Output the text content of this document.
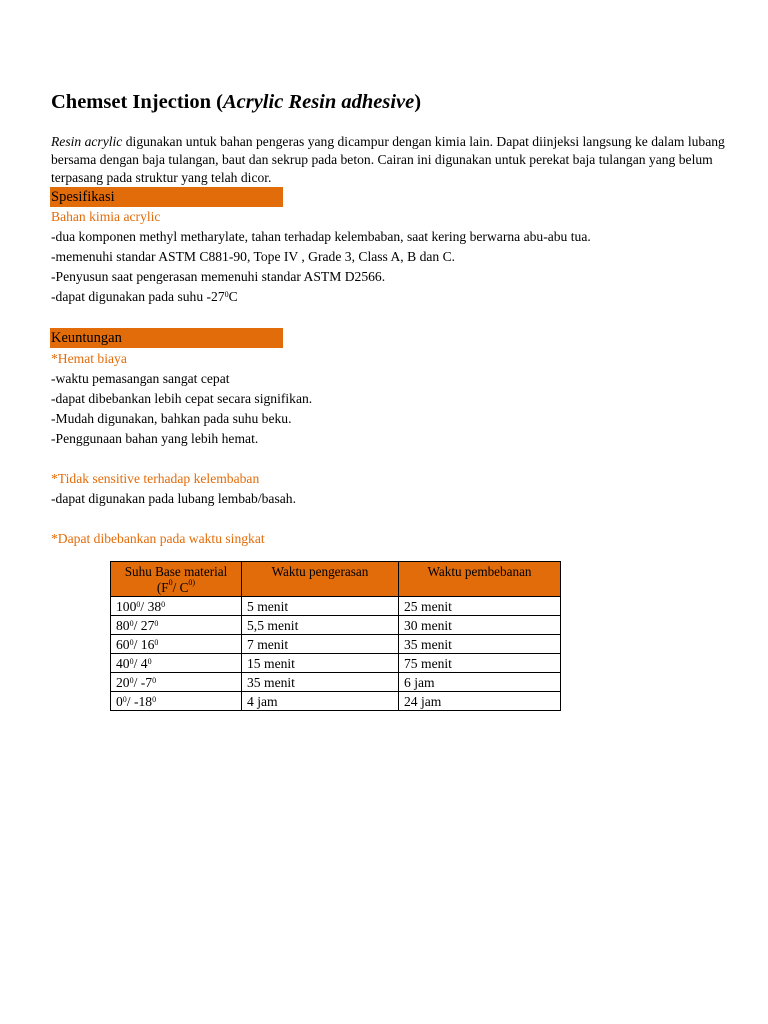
Chemset Injection (Acrylic Resin adhesive)

Resin acrylic digunakan untuk bahan pengeras yang dicampur dengan kimia lain. Dapat diinjeksi langsung ke dalam lubang bersama dengan baja tulangan, baut dan sekrup pada beton. Cairan ini digunakan untuk perekat baja tulangan yang belum terpasang pada struktur yang telah dicor.

Spesifikasi
Bahan kimia acrylic
-dua komponen methyl metharylate, tahan terhadap kelembaban, saat kering berwarna abu-abu tua.
-memenuhi standar ASTM C881-90, Tope IV , Grade 3, Class A, B dan C.
-Penyusun saat pengerasan memenuhi standar ASTM D2566.
-dapat digunakan pada suhu $-27^0C$
Keuntungan
*Hemat biaya
-waktu pemasangan sangat cepat
-dapat dibebankan lebih cepat secara signifikan.
-Mudah digunakan, bahkan pada suhu beku.
-Penggunaan bahan yang lebih hemat.
*Tidak sensitive terhadap kelembaban
-dapat digunakan pada lubang lembab/basah.
*Dapat dibebankan pada waktu singkat
Suhu Base material
($F^0/$ $C^{0)}$	Waktu pengerasan	Waktu pembebanan
$100^0/$ $38^0$	5 menit	25 menit
$80^0/$ $27^0$	5,5 menit	30 menit
$60^0/$ $16^0$	7 menit	35 menit
$40^0/$ $4^0$	15 menit	75 menit
$20^0/$ $-7^0$	35 menit	6 jam
$0^0/$ $-18^0$	4 jam	24 jam
